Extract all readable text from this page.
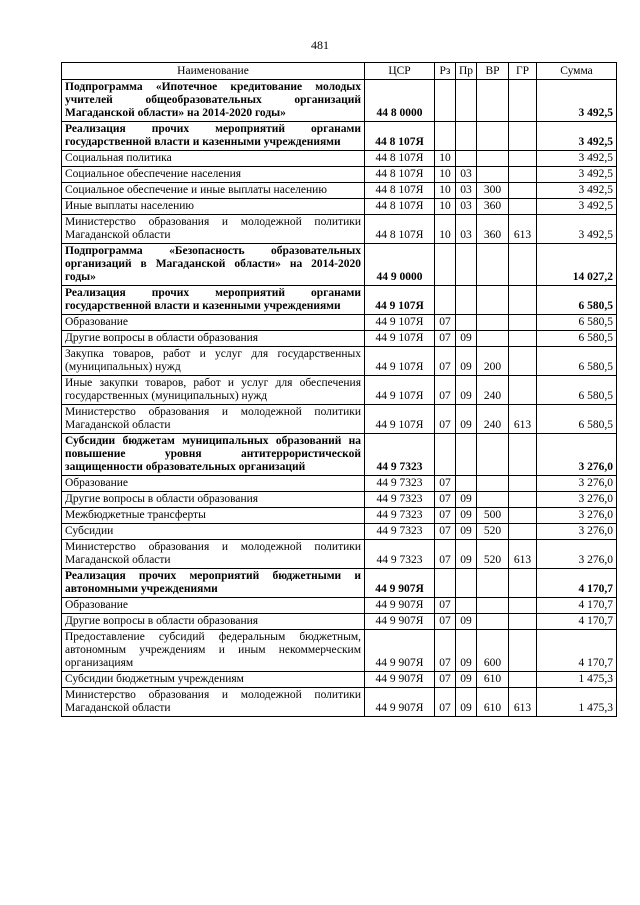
481
Наименование	ЦСР	Рз	Пр	ВР	ГР	Сумма
Подпрограмма «Ипотечное кредитование молодых учителей общеобразовательных организаций Магаданской области» на 2014-2020 годы»	44 8 0000					3 492,5
Реализация прочих мероприятий органами государственной власти и казенными учреждениями	44 8 107Я					3 492,5
Социальная политика	44 8 107Я	10				3 492,5
Социальное обеспечение населения	44 8 107Я	10	03			3 492,5
Социальное обеспечение и иные выплаты населению	44 8 107Я	10	03	300		3 492,5
Иные выплаты населению	44 8 107Я	10	03	360		3 492,5
Министерство образования и молодежной политики Магаданской области	44 8 107Я	10	03	360	613	3 492,5
Подпрограмма «Безопасность образовательных организаций в Магаданской области» на 2014-2020 годы»	44 9 0000					14 027,2
Реализация прочих мероприятий органами государственной власти и казенными учреждениями	44 9 107Я					6 580,5
Образование	44 9 107Я	07				6 580,5
Другие вопросы в области образования	44 9 107Я	07	09			6 580,5
Закупка товаров, работ и услуг для государственных (муниципальных) нужд	44 9 107Я	07	09	200		6 580,5
Иные закупки товаров, работ и услуг для обеспечения государственных (муниципальных) нужд	44 9 107Я	07	09	240		6 580,5
Министерство образования и молодежной политики Магаданской области	44 9 107Я	07	09	240	613	6 580,5
Субсидии бюджетам муниципальных образований на повышение уровня антитеррористической защищенности образовательных организаций	44 9 7323					3 276,0
Образование	44 9 7323	07				3 276,0
Другие вопросы в области образования	44 9 7323	07	09			3 276,0
Межбюджетные трансферты	44 9 7323	07	09	500		3 276,0
Субсидии	44 9 7323	07	09	520		3 276,0
Министерство образования и молодежной политики Магаданской области	44 9 7323	07	09	520	613	3 276,0
Реализация прочих мероприятий бюджетными и автономными учреждениями	44 9 907Я					4 170,7
Образование	44 9 907Я	07				4 170,7
Другие вопросы в области образования	44 9 907Я	07	09			4 170,7
Предоставление субсидий федеральным бюджетным, автономным учреждениям и иным некоммерческим организациям	44 9 907Я	07	09	600		4 170,7
Субсидии бюджетным учреждениям	44 9 907Я	07	09	610		1 475,3
Министерство образования и молодежной политики Магаданской области	44 9 907Я	07	09	610	613	1 475,3
